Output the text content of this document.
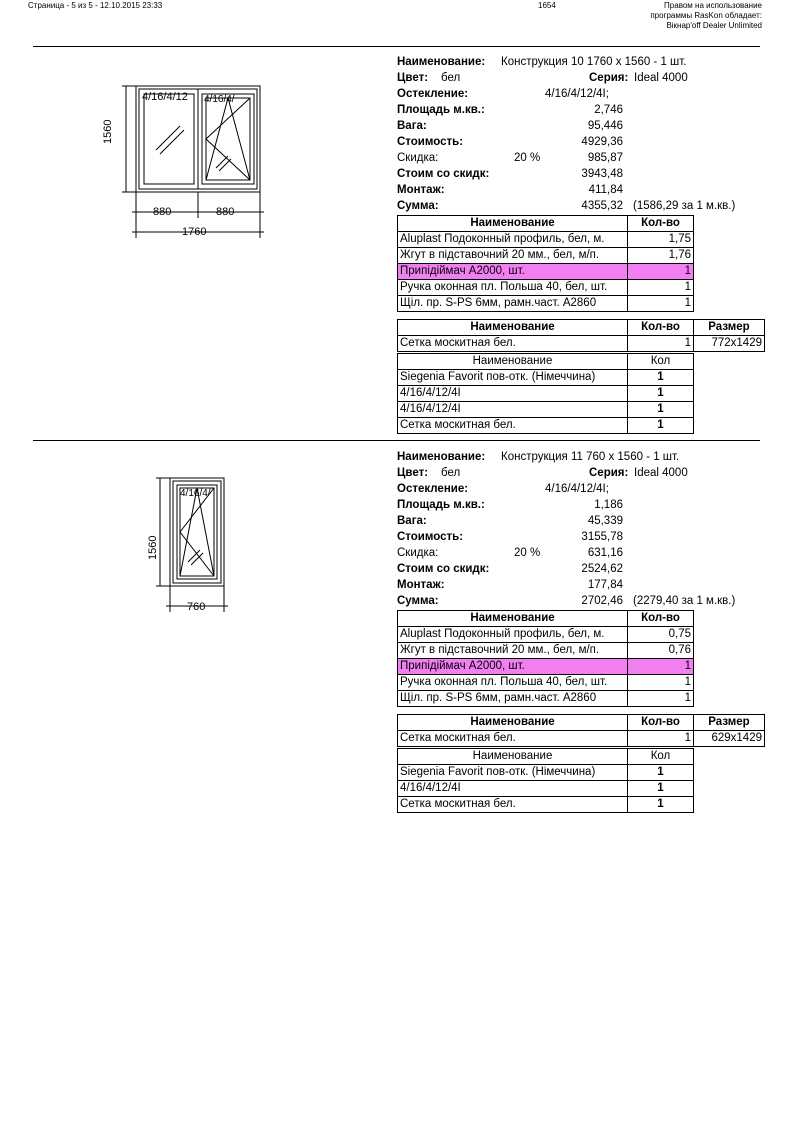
Страница - 5 из 5 - 12.10.2015 23:33	1654	Правом на использование
программы RasKon обладает:
Вікнар'off Dealer Unlimited
4/16/4/12 4/16/4/
1560
880	880
1760
Наименование: Конструкция 10 1760 х 1560 - 1 шт.
Цвет: бел	Серия: Ideal 4000
Остекление:	4/16/4/12/4I;
Площадь м.кв.:	2,746
Вага:	95,446
Стоимость:	4929,36
Скидка:	20 %	985,87
Стоим со скидк:	3943,48
Монтаж:	411,84
Сумма:	4355,32 (1586,29 за 1 м.кв.)
Наименование	Кол-во
Aluplast Подоконный профиль, бел, м.	1,75
Жгут в підставочний 20 мм., бел, м/п.	1,76
Припідіймач А2000, шт.	1
Ручка оконная пл. Польша 40, бел, шт.	1
Щіл. пр. S-PS 6мм, рамн.част. А2860	1
Наименование	Кол-во	Размер
Сетка москитная бел.	1	772x1429
Наименование	Кол
Siegenia Favorit пов-отк. (Німеччина)	1
4/16/4/12/4I	1
4/16/4/12/4I	1
Сетка москитная бел.	1
4/16/4/
1560
760
Наименование: Конструкция 11 760 х 1560 - 1 шт.
Цвет: бел	Серия: Ideal 4000
Остекление:	4/16/4/12/4I;
Площадь м.кв.:	1,186
Вага:	45,339
Стоимость:	3155,78
Скидка:	20 %	631,16
Стоим со скидк:	2524,62
Монтаж:	177,84
Сумма:	2702,46 (2279,40 за 1 м.кв.)
Наименование	Кол-во
Aluplast Подоконный профиль, бел, м.	0,75
Жгут в підставочний 20 мм., бел, м/п.	0,76
Припідіймач А2000, шт.	1
Ручка оконная пл. Польша 40, бел, шт.	1
Щіл. пр. S-PS 6мм, рамн.част. А2860	1
Наименование	Кол-во	Размер
Сетка москитная бел.	1	629x1429
Наименование	Кол
Siegenia Favorit пов-отк. (Німеччина)	1
4/16/4/12/4I	1
Сетка москитная бел.	1
